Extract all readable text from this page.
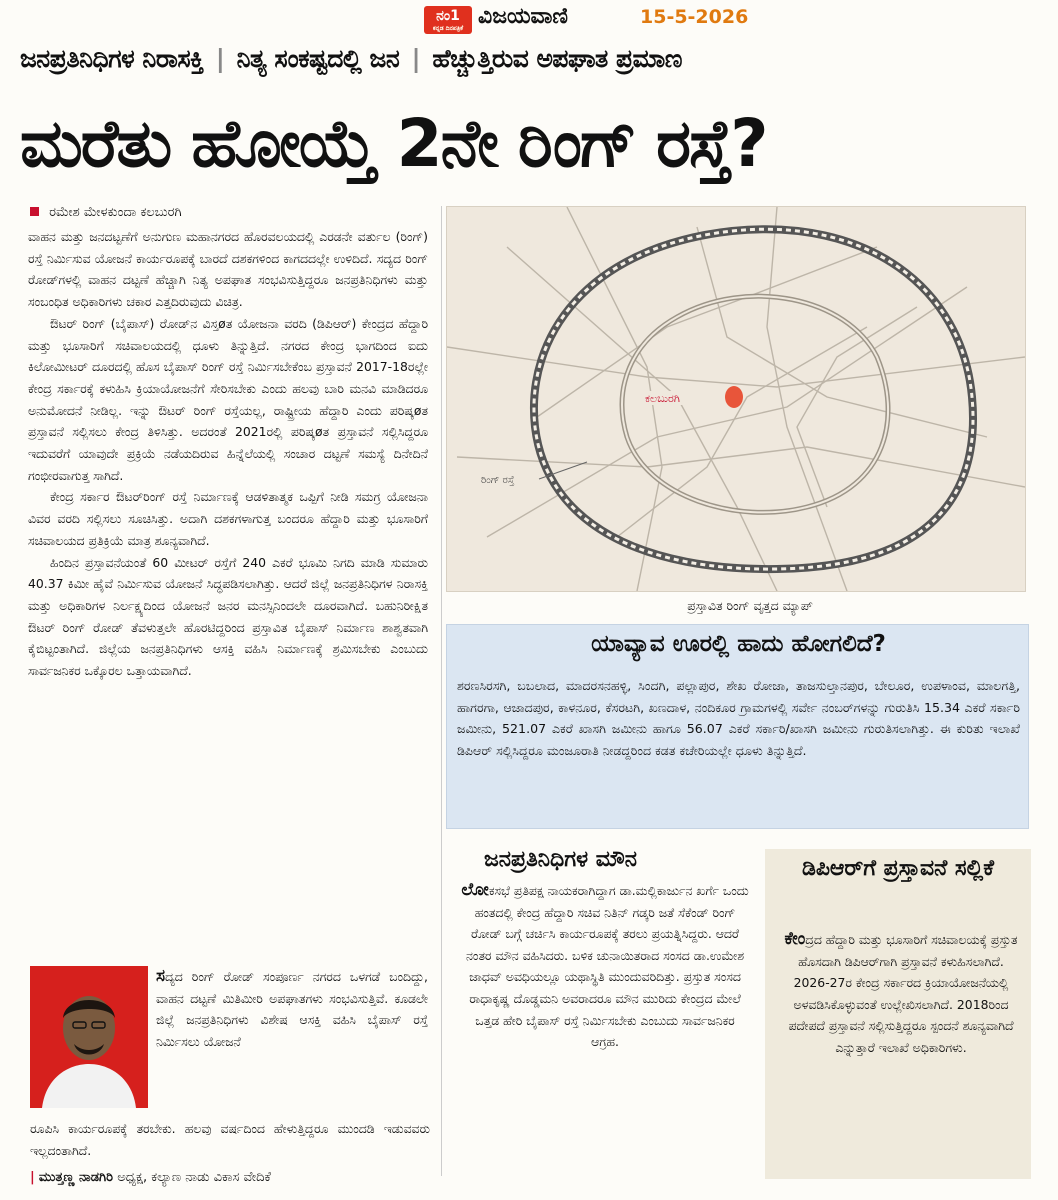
ನಂ1
ಕನ್ನಡ ದಿನಪತ್ರಿಕೆ ವಿಜಯವಾಣಿ	15-5-2026
ಜನಪ್ರತಿನಿಧಿಗಳ ನಿರಾಸಕ್ತಿ | ನಿತ್ಯ ಸಂಕಷ್ಟದಲ್ಲಿ ಜನ | ಹೆಚ್ಚುತ್ತಿರುವ ಅಪಘಾತ ಪ್ರಮಾಣ
ಮರೆತು ಹೋಯ್ತೆ 2ನೇ ರಿಂಗ್ ರಸ್ತೆ?
ರಮೇಶ ಮೇಳಕುಂದಾ ಕಲಬುರಗಿ

ವಾಹನ ಮತ್ತು ಜನದಟ್ಟಣೆಗೆ ಅನುಗುಣ ಮಹಾನಗರದ ಹೊರವಲಯದಲ್ಲಿ ಎರಡನೇ ವರ್ತುಲ (ರಿಂಗ್) ರಸ್ತೆ ನಿರ್ಮಿಸುವ ಯೋಜನೆ ಕಾರ್ಯರೂಪಕ್ಕೆ ಬಾರದೆ ದಶಕಗಳಿಂದ ಕಾಗದದಲ್ಲೇ ಉಳಿದಿದೆ. ಸದ್ಯದ ರಿಂಗ್ ರೋಡ್‌ಗಳಲ್ಲಿ ವಾಹನ ದಟ್ಟಣೆ ಹೆಚ್ಚಾಗಿ ನಿತ್ಯ ಅಪಘಾತ ಸಂಭವಿಸುತ್ತಿದ್ದರೂ ಜನಪ್ರತಿನಿಧಿಗಳು ಮತ್ತು ಸಂಬಂಧಿತ ಅಧಿಕಾರಿಗಳು ಚಕಾರ ಎತ್ತದಿರುವುದು ವಿಚಿತ್ರ.

ಔಟರ್ ರಿಂಗ್ (ಬೈಪಾಸ್) ರೋಡ್‌ನ ವಿಸ್ತøತ ಯೋಜನಾ ವರದಿ (ಡಿಪಿಆರ್) ಕೇಂದ್ರದ ಹೆದ್ದಾರಿ ಮತ್ತು ಭೂಸಾರಿಗೆ ಸಚಿವಾಲಯದಲ್ಲಿ ಧೂಳು ತಿನ್ನುತ್ತಿದೆ. ನಗರದ ಕೇಂದ್ರ ಭಾಗದಿಂದ ಐದು ಕಿಲೋಮೀಟರ್ ದೂರದಲ್ಲಿ ಹೊಸ ಬೈಪಾಸ್ ರಿಂಗ್ ರಸ್ತೆ ನಿರ್ಮಿಸಬೇಕೆಂಬ ಪ್ರಸ್ತಾವನೆ 2017-18ರಲ್ಲೇ ಕೇಂದ್ರ ಸರ್ಕಾರಕ್ಕೆ ಕಳುಹಿಸಿ ಕ್ರಿಯಾಯೋಜನೆಗೆ ಸೇರಿಸಬೇಕು ಎಂದು ಹಲವು ಬಾರಿ ಮನವಿ ಮಾಡಿದರೂ ಅನುಮೋದನೆ ನೀಡಿಲ್ಲ. ಇನ್ನು ಔಟರ್ ರಿಂಗ್ ರಸ್ತೆಯಲ್ಲ, ರಾಷ್ಟ್ರೀಯ ಹೆದ್ದಾರಿ ಎಂದು ಪರಿಷ್ಕøತ ಪ್ರಸ್ತಾವನೆ ಸಲ್ಲಿಸಲು ಕೇಂದ್ರ ತಿಳಿಸಿತ್ತು. ಅದರಂತೆ 2021ರಲ್ಲಿ ಪರಿಷ್ಕøತ ಪ್ರಸ್ತಾವನೆ ಸಲ್ಲಿಸಿದ್ದರೂ ಇದುವರೆಗೆ ಯಾವುದೇ ಪ್ರಕ್ರಿಯೆ ನಡೆಯದಿರುವ ಹಿನ್ನೆಲೆಯಲ್ಲಿ ಸಂಚಾರ ದಟ್ಟಣೆ ಸಮಸ್ಯೆ ದಿನೇದಿನೆ ಗಂಭೀರವಾಗುತ್ತ ಸಾಗಿದೆ.

ಕೇಂದ್ರ ಸರ್ಕಾರ ಔಟರ್‌ರಿಂಗ್ ರಸ್ತೆ ನಿರ್ಮಾಣಕ್ಕೆ ಆಡಳಿತಾತ್ಮಕ ಒಪ್ಪಿಗೆ ನೀಡಿ ಸಮಗ್ರ ಯೋಜನಾ ವಿವರ ವರದಿ ಸಲ್ಲಿಸಲು ಸೂಚಿಸಿತ್ತು. ಅದಾಗಿ ದಶಕಗಳಾಗುತ್ತ ಬಂದರೂ ಹೆದ್ದಾರಿ ಮತ್ತು ಭೂಸಾರಿಗೆ ಸಚಿವಾಲಯದ ಪ್ರತಿಕ್ರಿಯೆ ಮಾತ್ರ ಶೂನ್ಯವಾಗಿದೆ.

ಹಿಂದಿನ ಪ್ರಸ್ತಾವನೆಯಂತೆ 60 ಮೀಟರ್ ರಸ್ತೆಗೆ 240 ಎಕರೆ ಭೂಮಿ ನಿಗದಿ ಮಾಡಿ ಸುಮಾರು 40.37 ಕಿಮೀ ಹೈವೆ ನಿರ್ಮಿಸುವ ಯೋಜನೆ ಸಿದ್ಧಪಡಿಸಲಾಗಿತ್ತು. ಆದರೆ ಜಿಲ್ಲೆ ಜನಪ್ರತಿನಿಧಿಗಳ ನಿರಾಸಕ್ತಿ ಮತ್ತು ಅಧಿಕಾರಿಗಳ ನಿರ್ಲಕ್ಷ್ಯದಿಂದ ಯೋಜನೆ ಜನರ ಮನಸ್ಸಿನಿಂದಲೇ ದೂರವಾಗಿದೆ. ಬಹುನಿರೀಕ್ಷಿತ ಔಟರ್ ರಿಂಗ್ ರೋಡ್ ತೆವಳುತ್ತಲೇ ಹೊರಟಿದ್ದರಿಂದ ಪ್ರಸ್ತಾವಿತ ಬೈಪಾಸ್ ನಿರ್ಮಾಣ ಶಾಶ್ವತವಾಗಿ ಕೈಬಿಟ್ಟಂತಾಗಿದೆ. ಜಿಲ್ಲೆಯ ಜನಪ್ರತಿನಿಧಿಗಳು ಆಸಕ್ತಿ ವಹಿಸಿ ನಿರ್ಮಾಣಕ್ಕೆ ಶ್ರಮಿಸಬೇಕು ಎಂಬುದು ಸಾರ್ವಜನಿಕರ ಒಕ್ಕೊರಲ ಒತ್ತಾಯವಾಗಿದೆ.

ಕಲಬುರಗಿ
ರಿಂಗ್ ರಸ್ತೆ
ಪ್ರಸ್ತಾವಿತ ರಿಂಗ್ ವೃತ್ತದ ಮ್ಯಾಪ್
ಯಾವ್ಯಾವ ಊರಲ್ಲಿ ಹಾದು ಹೋಗಲಿದೆ?
ಶರಣಸಿರಸಗಿ, ಬಬಲಾದ, ಮಾದರಸನಹಳ್ಳಿ, ಸಿಂದಗಿ, ಪಲ್ಲಾಪುರ, ಶೇಖ ರೋಜಾ, ತಾಜಸುಲ್ತಾನಪುರ, ಬೇಲೂರ, ಉಪಳಾಂವ, ಮಾಲಗತ್ತಿ, ಹಾಗರಗಾ, ಆಜಾದಪುರ, ಕಾಳನೂರ, ಕೆಸರಟಗಿ, ಖಣದಾಳ, ನಂದಿಕೂರ ಗ್ರಾಮಗಳಲ್ಲಿ ಸರ್ವೇ ನಂಬರ್‌ಗಳನ್ನು ಗುರುತಿಸಿ 15.34 ಎಕರೆ ಸರ್ಕಾರಿ ಜಮೀನು, 521.07 ಎಕರೆ ಖಾಸಗಿ ಜಮೀನು ಹಾಗೂ 56.07 ಎಕರೆ ಸರ್ಕಾರಿ/ಖಾಸಗಿ ಜಮೀನು ಗುರುತಿಸಲಾಗಿತ್ತು. ಈ ಕುರಿತು ಇಲಾಖೆ ಡಿಪಿಆರ್ ಸಲ್ಲಿಸಿದ್ದರೂ ಮಂಜೂರಾತಿ ನೀಡದ್ದರಿಂದ ಕಡತ ಕಚೇರಿಯಲ್ಲೇ ಧೂಳು ತಿನ್ನುತ್ತಿದೆ.
ಜನಪ್ರತಿನಿಧಿಗಳ ಮೌನ
ಲೋಕಸಭೆ ಪ್ರತಿಪಕ್ಷ ನಾಯಕರಾಗಿದ್ದಾಗ ಡಾ.ಮಲ್ಲಿಕಾರ್ಜುನ ಖರ್ಗೆ ಒಂದು ಹಂತದಲ್ಲಿ ಕೇಂದ್ರ ಹೆದ್ದಾರಿ ಸಚಿವ ನಿತಿನ್ ಗಡ್ಕರಿ ಜತೆ ಸೆಕೆಂಡ್ ರಿಂಗ್ ರೋಡ್ ಬಗ್ಗೆ ಚರ್ಚಿಸಿ ಕಾರ್ಯರೂಪಕ್ಕೆ ತರಲು ಪ್ರಯತ್ನಿಸಿದ್ದರು. ಆದರೆ ನಂತರ ಮೌನ ವಹಿಸಿದರು. ಬಳಿಕ ಚುನಾಯಿತರಾದ ಸಂಸದ ಡಾ.ಉಮೇಶ ಜಾಧವ್ ಅವಧಿಯಲ್ಲೂ ಯಥಾಸ್ಥಿತಿ ಮುಂದುವರಿದಿತ್ತು. ಪ್ರಸ್ತುತ ಸಂಸದ ರಾಧಾಕೃಷ್ಣ ದೊಡ್ಡಮನಿ ಅವರಾದರೂ ಮೌನ ಮುರಿದು ಕೇಂದ್ರದ ಮೇಲೆ ಒತ್ತಡ ಹೇರಿ ಬೈಪಾಸ್ ರಸ್ತೆ ನಿರ್ಮಿಸಬೇಕು ಎಂಬುದು ಸಾರ್ವಜನಿಕರ ಆಗ್ರಹ.
ಡಿಪಿಆರ್‌ಗೆ ಪ್ರಸ್ತಾವನೆ ಸಲ್ಲಿಕೆ
ಕೇಂದ್ರದ ಹೆದ್ದಾರಿ ಮತ್ತು ಭೂಸಾರಿಗೆ ಸಚಿವಾಲಯಕ್ಕೆ ಪ್ರಸ್ತುತ ಹೊಸದಾಗಿ ಡಿಪಿಆರ್‌ಗಾಗಿ ಪ್ರಸ್ತಾವನೆ ಕಳುಹಿಸಲಾಗಿದೆ. 2026-27ರ ಕೇಂದ್ರ ಸರ್ಕಾರದ ಕ್ರಿಯಾಯೋಜನೆಯಲ್ಲಿ ಅಳವಡಿಸಿಕೊಳ್ಳುವಂತೆ ಉಲ್ಲೇಖಿಸಲಾಗಿದೆ. 2018ರಿಂದ ಪದೇಪದೆ ಪ್ರಸ್ತಾವನೆ ಸಲ್ಲಿಸುತ್ತಿದ್ದರೂ ಸ್ಪಂದನೆ ಶೂನ್ಯವಾಗಿದೆ ಎನ್ನುತ್ತಾರೆ ಇಲಾಖೆ ಅಧಿಕಾರಿಗಳು.
ಸದ್ಯದ ರಿಂಗ್ ರೋಡ್ ಸಂಪೂರ್ಣ ನಗರದ ಒಳಗಡೆ ಬಂದಿದ್ದು, ವಾಹನ ದಟ್ಟಣೆ ಮಿತಿಮೀರಿ ಅಪಘಾತಗಳು ಸಂಭವಿಸುತ್ತಿವೆ. ಕೂಡಲೇ ಜಿಲ್ಲೆ ಜನಪ್ರತಿನಿಧಿಗಳು ವಿಶೇಷ ಆಸಕ್ತಿ ವಹಿಸಿ ಬೈಪಾಸ್ ರಸ್ತೆ ನಿರ್ಮಿಸಲು ಯೋಜನೆ
ರೂಪಿಸಿ ಕಾರ್ಯರೂಪಕ್ಕೆ ತರಬೇಕು. ಹಲವು ವರ್ಷದಿಂದ ಹೇಳುತ್ತಿದ್ದರೂ ಮುಂದಡಿ ಇಡುವವರು ಇಲ್ಲದಂತಾಗಿದೆ.
| ಮುತ್ತಣ್ಣ ನಾಡಗಿರಿ ಅಧ್ಯಕ್ಷ, ಕಲ್ಯಾಣ ನಾಡು ವಿಕಾಸ ವೇದಿಕೆ
